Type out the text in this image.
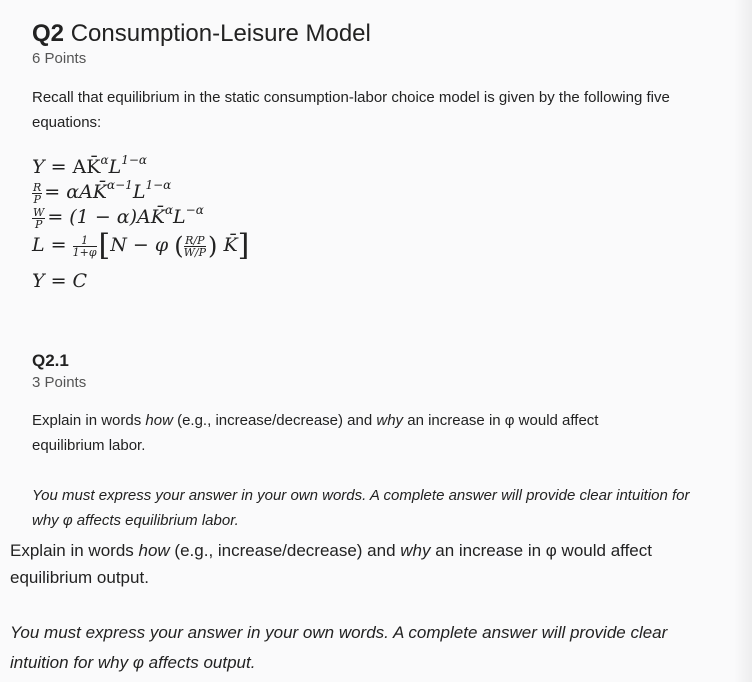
Q2 Consumption-Leisure Model
6 Points
Recall that equilibrium in the static consumption-labor choice model is given by the following five equations:
$Y = AK̄^\alpha L^{1-\alpha}$
$\frac{R}{P}$ = $\alpha AK̄^{\alpha-1}L^{1-\alpha}$
$\frac{W}{P} = (1$ − $\alpha)AK̄^\alpha L^{-\alpha}$
$L = \frac{1}{1+\varphi} [N - \varphi$ ( $\frac{R/P}{W/P}$ ) K̄]
Y = C
Q2.1
3 Points
Explain in words how (e.g., increase/decrease) and why an increase in φ would affect equilibrium labor.
You must express your answer in your own words. A complete answer will provide clear intuition for why φ affects equilibrium labor.
Explain in words how (e.g., increase/decrease) and why an increase in φ would affect equilibrium output.
You must express your answer in your own words. A complete answer will provide clear intuition for why φ affects output.
